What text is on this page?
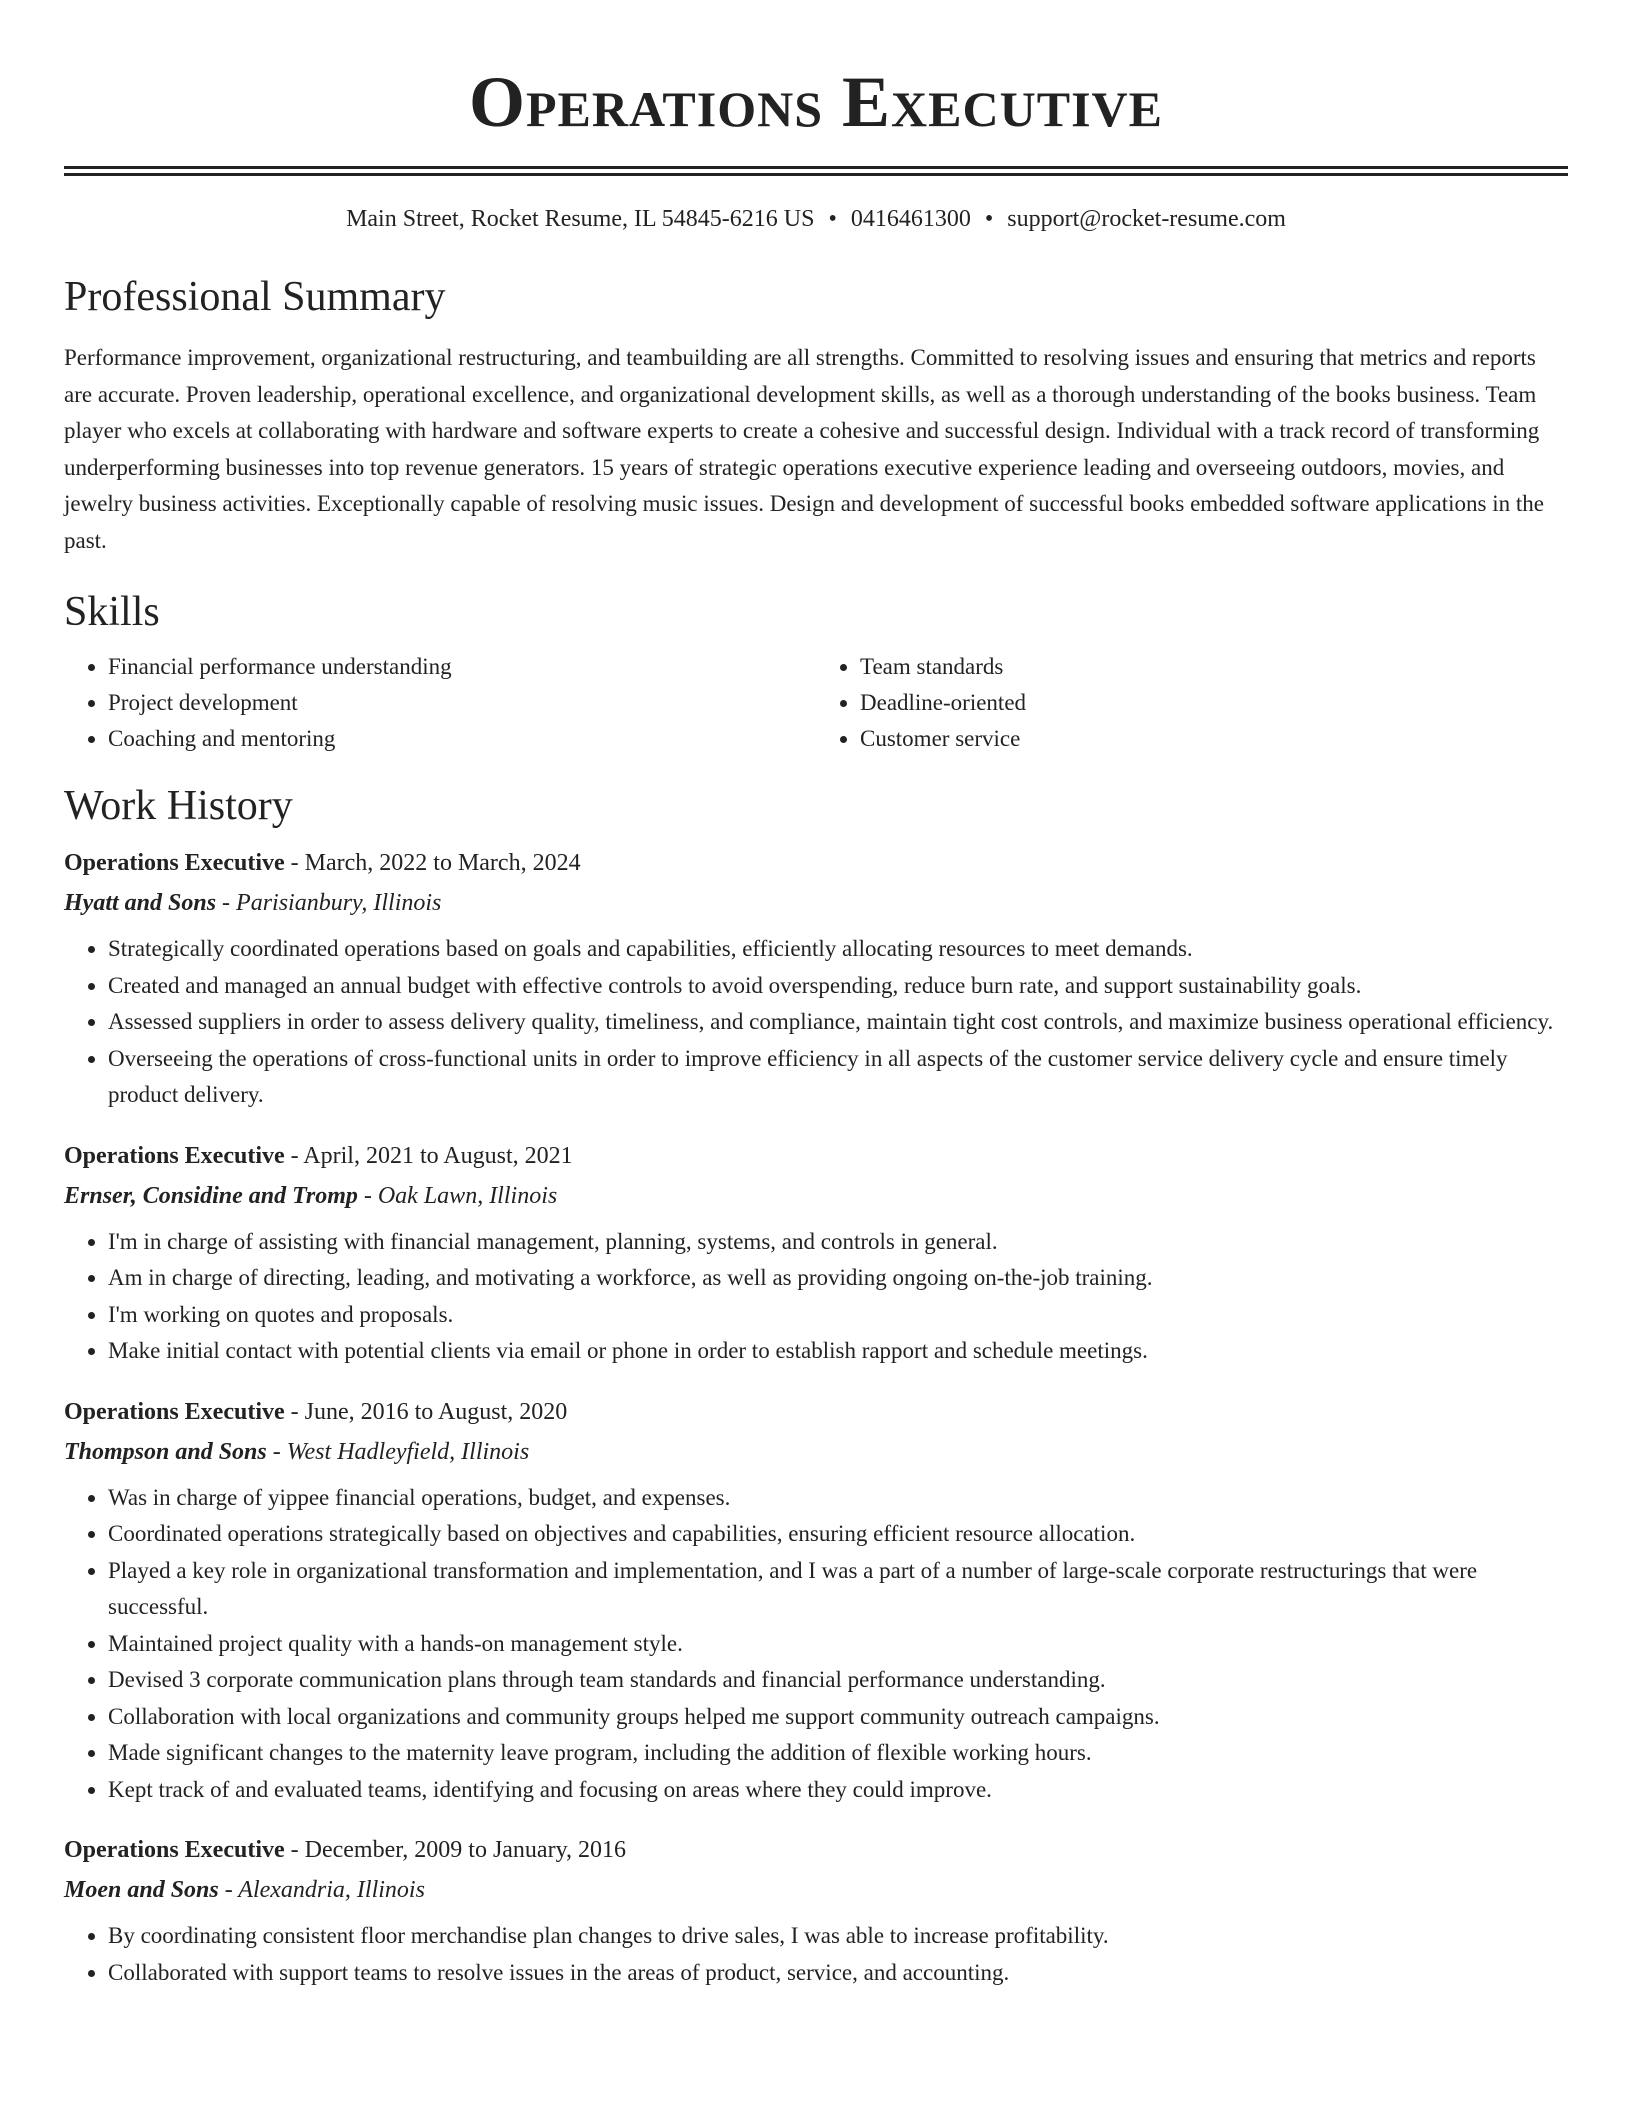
Operations Executive
Main Street, Rocket Resume, IL 54845-6216 US • 0416461300 • support@rocket-resume.com
Professional Summary
Performance improvement, organizational restructuring, and teambuilding are all strengths. Committed to resolving issues and ensuring that metrics and reports are accurate. Proven leadership, operational excellence, and organizational development skills, as well as a thorough understanding of the books business. Team player who excels at collaborating with hardware and software experts to create a cohesive and successful design. Individual with a track record of transforming underperforming businesses into top revenue generators. 15 years of strategic operations executive experience leading and overseeing outdoors, movies, and jewelry business activities. Exceptionally capable of resolving music issues. Design and development of successful books embedded software applications in the past.
Skills
• Financial performance understanding
• Project development
• Coaching and mentoring
• Team standards
• Deadline-oriented
• Customer service
Work History

Operations Executive - March, 2022 to March, 2024

Hyatt and Sons - Parisianbury, Illinois

• Strategically coordinated operations based on goals and capabilities, efficiently allocating resources to meet demands.
• Created and managed an annual budget with effective controls to avoid overspending, reduce burn rate, and support sustainability goals.
• Assessed suppliers in order to assess delivery quality, timeliness, and compliance, maintain tight cost controls, and maximize business operational efficiency.
• Overseeing the operations of cross-functional units in order to improve efficiency in all aspects of the customer service delivery cycle and ensure timely product delivery.

Operations Executive - April, 2021 to August, 2021

Ernser, Considine and Tromp - Oak Lawn, Illinois

• I'm in charge of assisting with financial management, planning, systems, and controls in general.
• Am in charge of directing, leading, and motivating a workforce, as well as providing ongoing on-the-job training.
• I'm working on quotes and proposals.
• Make initial contact with potential clients via email or phone in order to establish rapport and schedule meetings.

Operations Executive - June, 2016 to August, 2020

Thompson and Sons - West Hadleyfield, Illinois

• Was in charge of yippee financial operations, budget, and expenses.
• Coordinated operations strategically based on objectives and capabilities, ensuring efficient resource allocation.
• Played a key role in organizational transformation and implementation, and I was a part of a number of large-scale corporate restructurings that were successful.
• Maintained project quality with a hands-on management style.
• Devised 3 corporate communication plans through team standards and financial performance understanding.
• Collaboration with local organizations and community groups helped me support community outreach campaigns.
• Made significant changes to the maternity leave program, including the addition of flexible working hours.
• Kept track of and evaluated teams, identifying and focusing on areas where they could improve.

Operations Executive - December, 2009 to January, 2016

Moen and Sons - Alexandria, Illinois

• By coordinating consistent floor merchandise plan changes to drive sales, I was able to increase profitability.
• Collaborated with support teams to resolve issues in the areas of product, service, and accounting.
